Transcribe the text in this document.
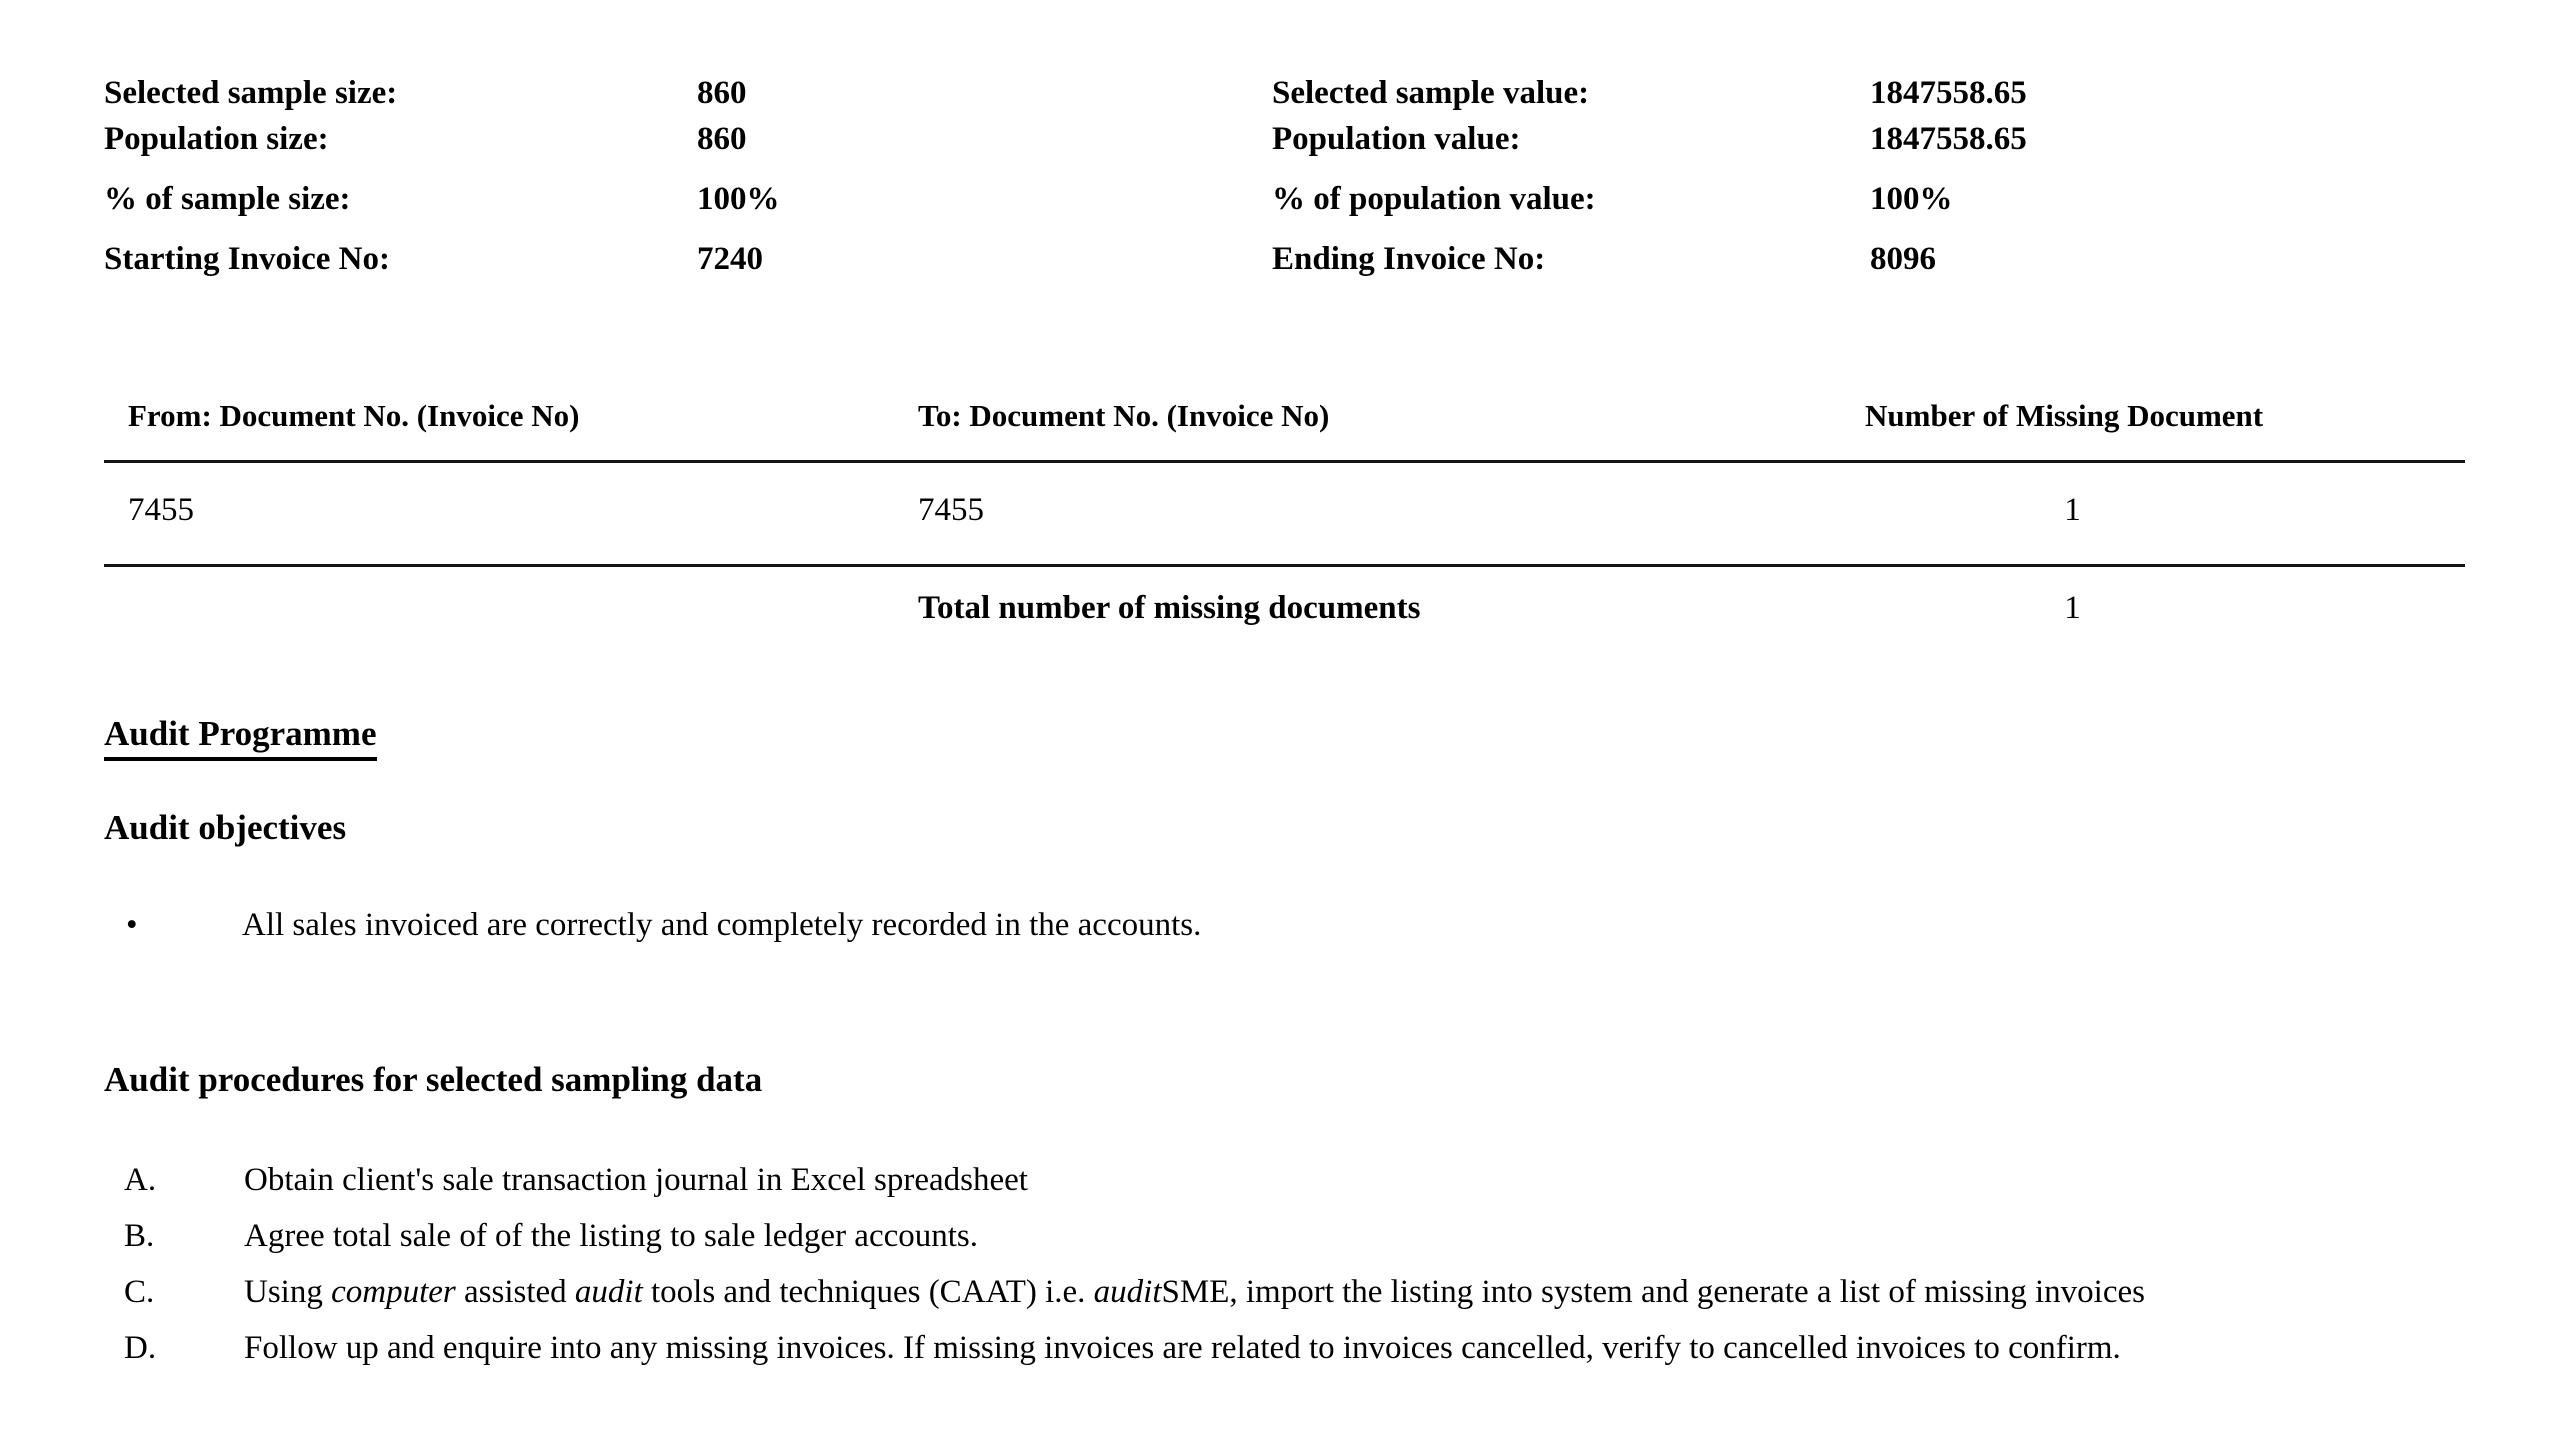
Selected sample size:	860
Population size:	860
% of sample size:	100%
Starting Invoice No:	7240
Selected sample value:	1847558.65
Population value:	1847558.65
% of population value:	100%
Ending Invoice No:	8096
From: Document No. (Invoice No)	To: Document No. (Invoice No)	Number of Missing Document
7455	7455	1
Total number of missing documents	1
Audit Programme
Audit objectives
•	All sales invoiced are correctly and completely recorded in the accounts.
Audit procedures for selected sampling data
A.	Obtain client's sale transaction journal in Excel spreadsheet
B.	Agree total sale of of the listing to sale ledger accounts.
C.	Using computer assisted audit tools and techniques (CAAT) i.e. auditSME, import the listing into system and generate a list of missing invoices
D.	Follow up and enquire into any missing invoices. If missing invoices are related to invoices cancelled, verify to cancelled invoices to confirm.
